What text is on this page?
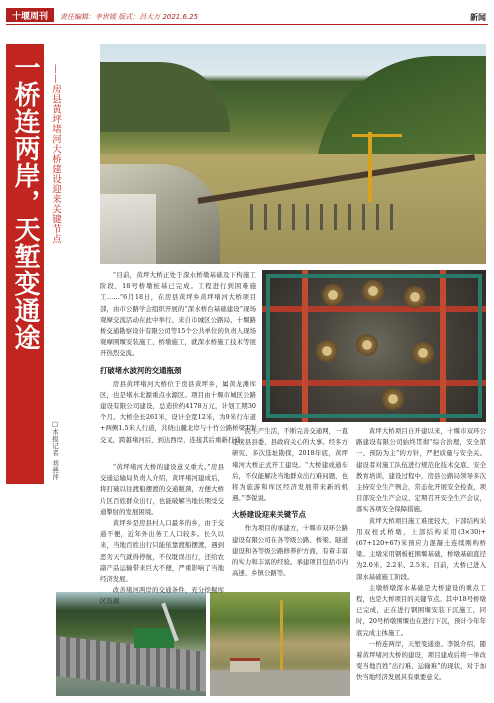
十堰周刊	责任编辑：李世媛 版式：吕大万 2021.6.25	新闻
一桥连两岸，天堑变通途	——房县黄坪堵河大桥建设迎来关键节点
□本报记者 刘燕萍

“目前，黄坪大桥正处于深水桥墩基础及下构施工阶段，18号桥墩桩基已完成。工程进行到困难施工……”6月18日，在房县黄坪乡黄坪堵河大桥项目部，由市公路学会组织开展的“深水桥台基础建设”现场观摩交流活动在此中举行。来自市城区公路局、十堰路桥交通勘察设计有限公司等15个公共单位的负责人现场观摩围堰安装施工、桥墩施工，就深水桥施工技术等展开热烈交流。

打破堵水波河的交通瓶颈

房县黄坪堵河大桥位于房县黄坪乡，属黄龙滩库区，也是堵水北源重点水源区。项目由十堰市城区公路建设有限公司建设，总造价约4178万元，计划工期30个月。大桥全长261米，设计全宽12米，为9米行车道+两侧1.5米人行道，共绕山麓北岸与十竹公路桥梁T型交叉，跨越堵河后，到达西岸，连接其后重新打通。

“黄坪堵河大桥的建设意义重大。”房县交通运输局负责人介绍，黄坪堵河建成后，将打破以往渡船摆渡的交通瓶颈，方便大桥片区百姓群众出行，也能破解当地长期受交通掣肘的发展困境。

黄坪乡是房县村人口最多的乡，由于交通不便，近年外出务工人口较多。长久以来，当地百姓出行只能依靠渡船摆渡，遇到恶劣天气就得停航，不仅耽误出行，还给农副产品运输带来巨大不便，严重影响了当地经济发展。

改善堵河两岸的交通条件，充分挖掘库区资源

民生产生活，不断完善交通网，一直是房县县委、县政府关心的大事。经多方研究、多次选址勘探，2018年底，黄坪堵河大桥正式开工建设。“大桥建成通车后，不仅能解决当地群众出行难问题，也将为旅游和库区经济发展带来新的机遇。”李锐说。

大桥建设迎来关键节点

作为项目的承建方，十堰市双环公路建设有限公司在各等级公路、桥梁、隧道建设和各等级公路修养护方面，有着丰富的实力和丰富的经验。承建项目包括市内高速、乡镇公路等。

黄坪大桥项目自开建以来，十堰市双环公路建设有限公司始终贯彻“综合治理，安全第一、预防为主”的方针，严把质量与安全关。建设者对施工队伍进行规范化技术交底、安全教育培训，建设过程中，房县公路局领导多次主持安全生产例会，常态化开展安全检查，项目部安全生产会议、定期召开安全生产会议，落实各项安全保障措施。

黄坪大桥项目施工难度较大，下部结构采用双柱式桥墩，上部结构采用(3×30)+(67+120+67)米预应力混凝土连续刚构桥梁。主墩采用钢板桩围堰基础，桥墩基础直径为2.0米、2.2米、2.5米。目前，大桥已进入深水基础施工阶段。

主墩桥墩深水基础是大桥建设的重点工程，也是大桥项目的关键节点。其中18号桥墩已完成，正在进行钢围堰安装下沉施工，同时，20号桥墩围堰也在进行下沉，预计今年年底完成主体施工。

一桥连两岸，天堑变通途。李锐介绍，随着黄坪堵河大桥的建设，项目建成后将一举改变当地百姓“出行难、运输难”的现状，对于加快当地经济发展具有重要意义。
